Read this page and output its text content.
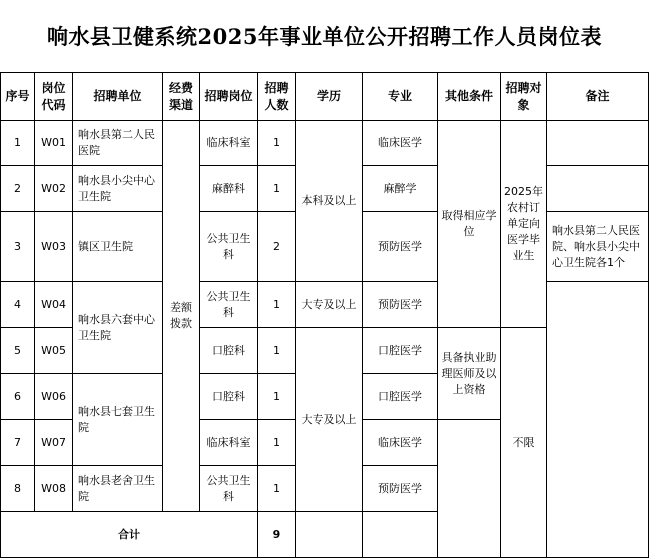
响水县卫健系统2025年事业单位公开招聘工作人员岗位表
序号	岗位代码	招聘单位	经费渠道	招聘岗位	招聘人数	学历	专业	其他条件	招聘对象	备注	
1	W01	响水县第二人民医院	差额拨款	临床科室	1	本科及以上	临床医学	取得相应学位	2025年农村订单定向医学毕业生		
2	W02	响水县小尖中心卫生院		麻醉科	1		麻醉学				
3	W03	镇区卫生院		公共卫生科	2		预防医学			响水县第二人民医院、响水县小尖中心卫生院各1个	
4	W04	响水县六套中心卫生院		公共卫生科	1	大专及以上	预防医学				
5	W05			口腔科	1	大专及以上	口腔医学	具备执业助理医师及以上资格	不限		
6	W06	响水县七套卫生院		口腔科	1		口腔医学				
7	W07			临床科室	1		临床医学				
8	W08	响水县老舍卫生院		公共卫生科	1		预防医学				
合计					9						
